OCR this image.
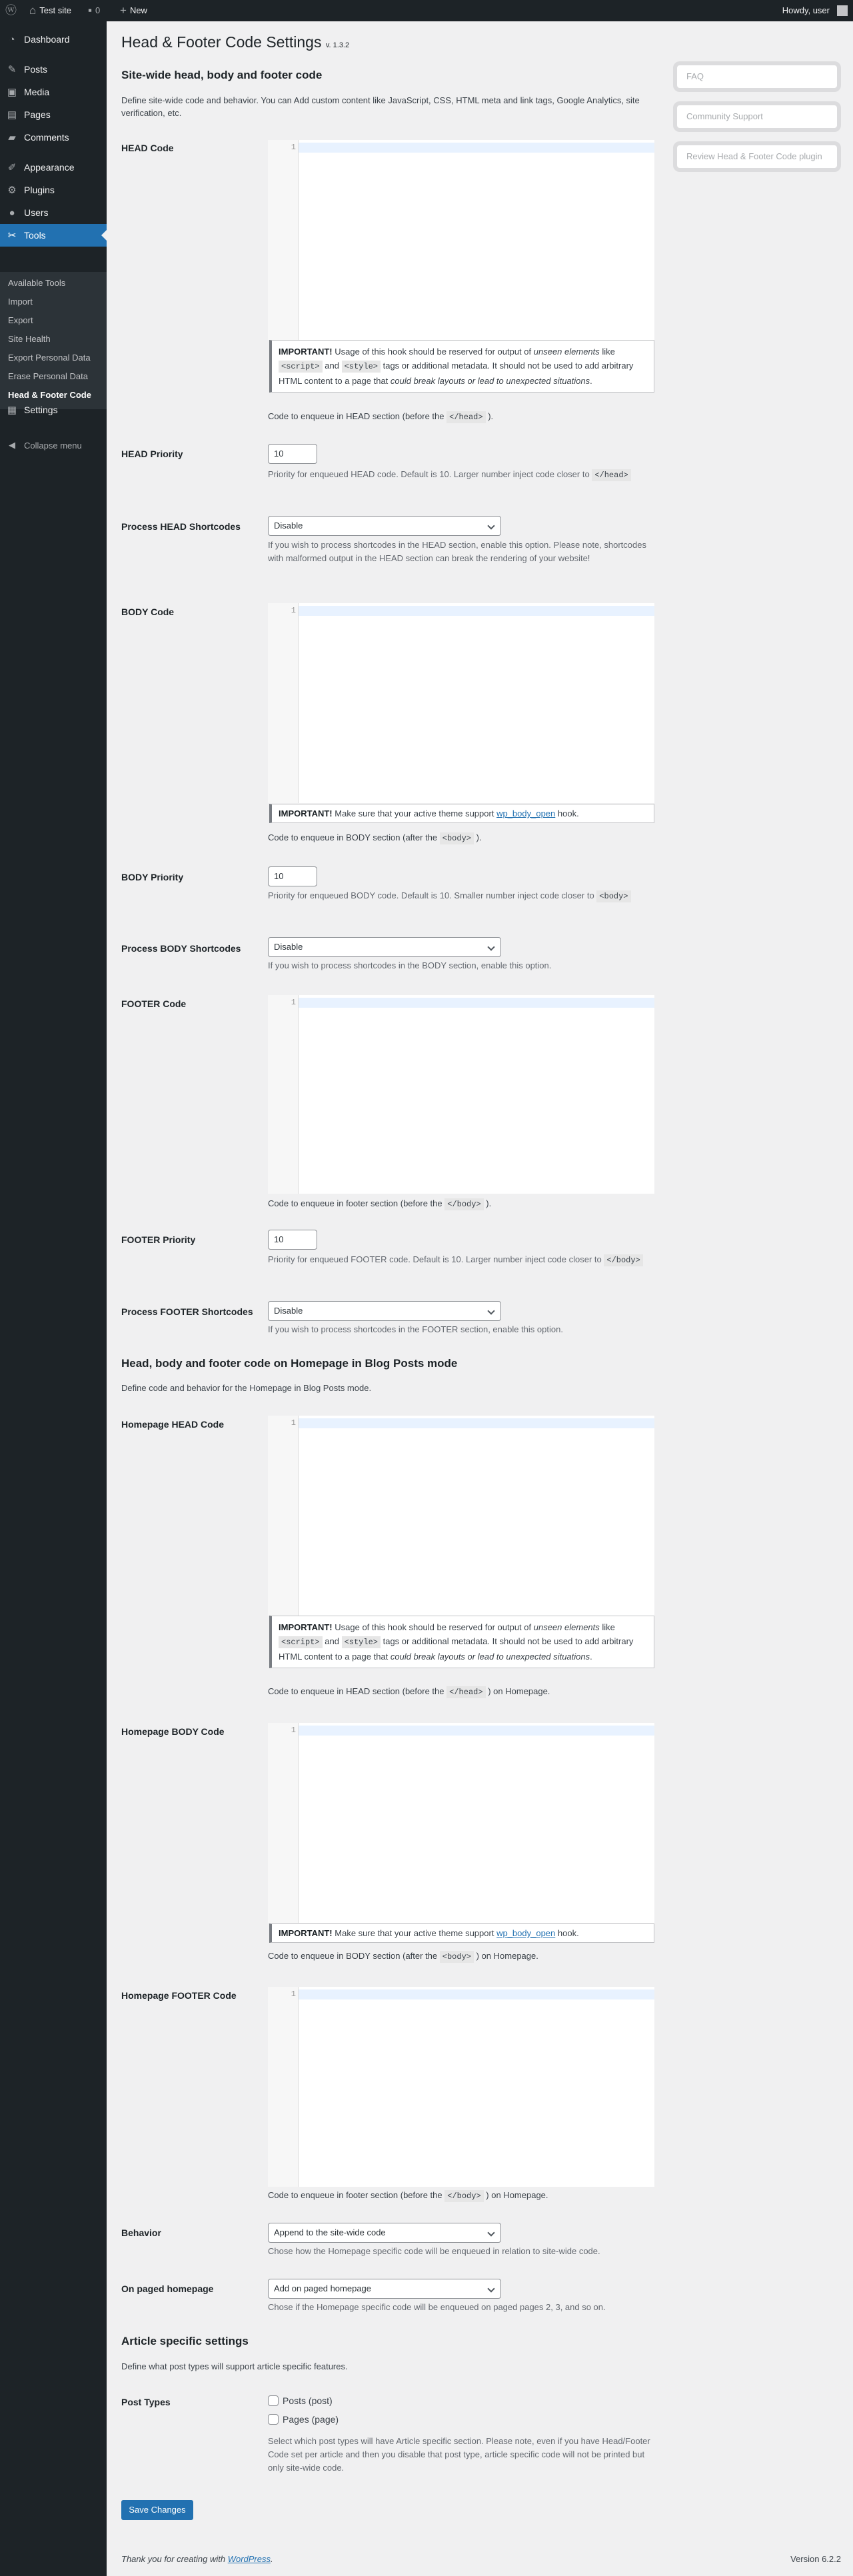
ⓦ ⌂ Test site ▪ 0 + New	Howdy, user
◔ Dashboard
✎ Posts
▣ Media
▤ Pages
▰ Comments
✐ Appearance
⚙ Plugins
● Users
✂ Tools
Available Tools
Import
Export
Site Health
Export Personal Data
Erase Personal Data
Head & Footer Code
▦ Settings
◀	Collapse menu
Head & Footer Code Settings v. 1.3.2
FAQ
Community Support
Review Head & Footer Code plugin
Site-wide head, body and footer code
Define site-wide code and behavior. You can Add custom content like JavaScript, CSS, HTML meta and link tags, Google Analytics, site verification, etc.
HEAD Code	1
IMPORTANT! Usage of this hook should be reserved for output of unseen elements like <script> and <style> tags or additional metadata. It should not be used to add arbitrary HTML content to a page that could break layouts or lead to unexpected situations.
Code to enqueue in HEAD section (before the </head> ).
HEAD Priority	10
Priority for enqueued HEAD code. Default is 10. Larger number inject code closer to </head>
Process HEAD Shortcodes	Disable
If you wish to process shortcodes in the HEAD section, enable this option. Please note, shortcodes with malformed output in the HEAD section can break the rendering of your website!
BODY Code	1
IMPORTANT! Make sure that your active theme support wp_body_open hook.
Code to enqueue in BODY section (after the <body> ).
BODY Priority	10
Priority for enqueued BODY code. Default is 10. Smaller number inject code closer to <body>
Process BODY Shortcodes	Disable
If you wish to process shortcodes in the BODY section, enable this option.
FOOTER Code	1
Code to enqueue in footer section (before the </body> ).
FOOTER Priority	10
Priority for enqueued FOOTER code. Default is 10. Larger number inject code closer to </body>
Process FOOTER Shortcodes	Disable
If you wish to process shortcodes in the FOOTER section, enable this option.
Head, body and footer code on Homepage in Blog Posts mode
Define code and behavior for the Homepage in Blog Posts mode.
Homepage HEAD Code	1
IMPORTANT! Usage of this hook should be reserved for output of unseen elements like <script> and <style> tags or additional metadata. It should not be used to add arbitrary HTML content to a page that could break layouts or lead to unexpected situations.
Code to enqueue in HEAD section (before the </head> ) on Homepage.
Homepage BODY Code	1
IMPORTANT! Make sure that your active theme support wp_body_open hook.
Code to enqueue in BODY section (after the <body> ) on Homepage.
Homepage FOOTER Code	1
Code to enqueue in footer section (before the </body> ) on Homepage.
Behavior	Append to the site-wide code
Chose how the Homepage specific code will be enqueued in relation to site-wide code.
On paged homepage	Add on paged homepage
Chose if the Homepage specific code will be enqueued on paged pages 2, 3, and so on.
Article specific settings
Define what post types will support article specific features.
Post Types	Posts (post)
Pages (page)
Select which post types will have Article specific section. Please note, even if you have Head/Footer Code set per article and then you disable that post type, article specific code will not be printed but only site-wide code.
Save Changes
Thank you for creating with WordPress.	Version 6.2.2
